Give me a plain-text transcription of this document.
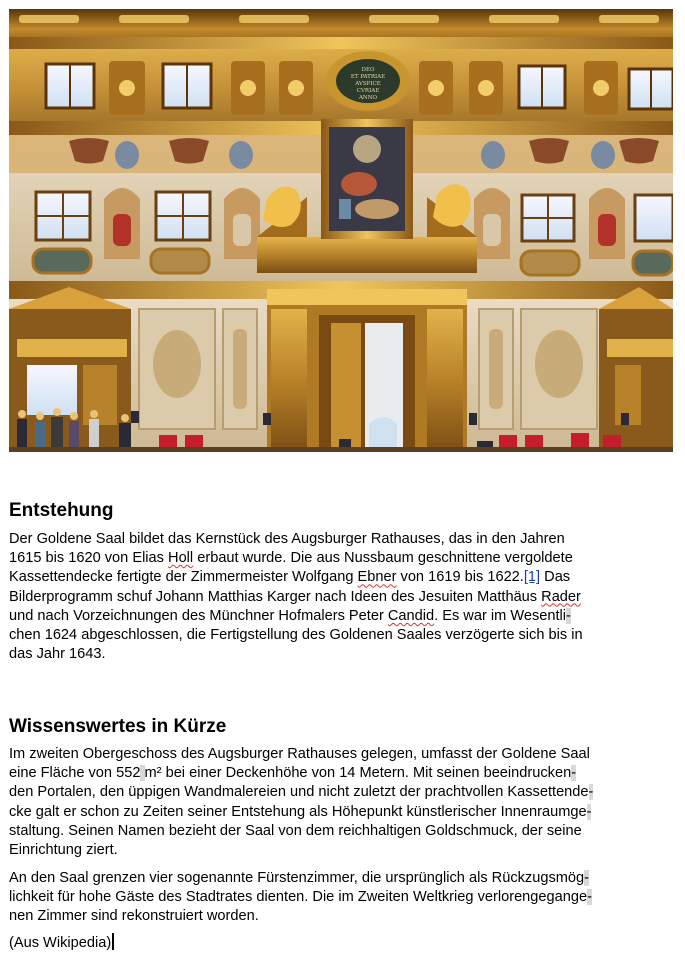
DEO
ET PATRIAE
AVSPICE
CVRIAE
ANNO
Entstehung
Der Goldene Saal bildet das Kernstück des Augsburger Rathauses, das in den Jahren
1615 bis 1620 von Elias Holl erbaut wurde. Die aus Nussbaum geschnittene vergoldete
Kassettendecke fertigte der Zimmermeister Wolfgang Ebner von 1619 bis 1622.[1] Das
Bilderprogramm schuf Johann Matthias Karger nach Ideen des Jesuiten Matthäus Rader
und nach Vorzeichnungen des Münchner Hofmalers Peter Candid. Es war im Wesentli-
chen 1624 abgeschlossen, die Fertigstellung des Goldenen Saales verzögerte sich bis in
das Jahr 1643.
Wissenswertes in Kürze
Im zweiten Obergeschoss des Augsburger Rathauses gelegen, umfasst der Goldene Saal
eine Fläche von 552 m² bei einer Deckenhöhe von 14 Metern. Mit seinen beeindrucken-
den Portalen, den üppigen Wandmalereien und nicht zuletzt der prachtvollen Kassettende-
cke galt er schon zu Zeiten seiner Entstehung als Höhepunkt künstlerischer Innenraumge-
staltung. Seinen Namen bezieht der Saal von dem reichhaltigen Goldschmuck, der seine
Einrichtung ziert.
An den Saal grenzen vier sogenannte Fürstenzimmer, die ursprünglich als Rückzugsmög-
lichkeit für hohe Gäste des Stadtrates dienten. Die im Zweiten Weltkrieg verlorengegange-
nen Zimmer sind rekonstruiert worden.
(Aus Wikipedia)
